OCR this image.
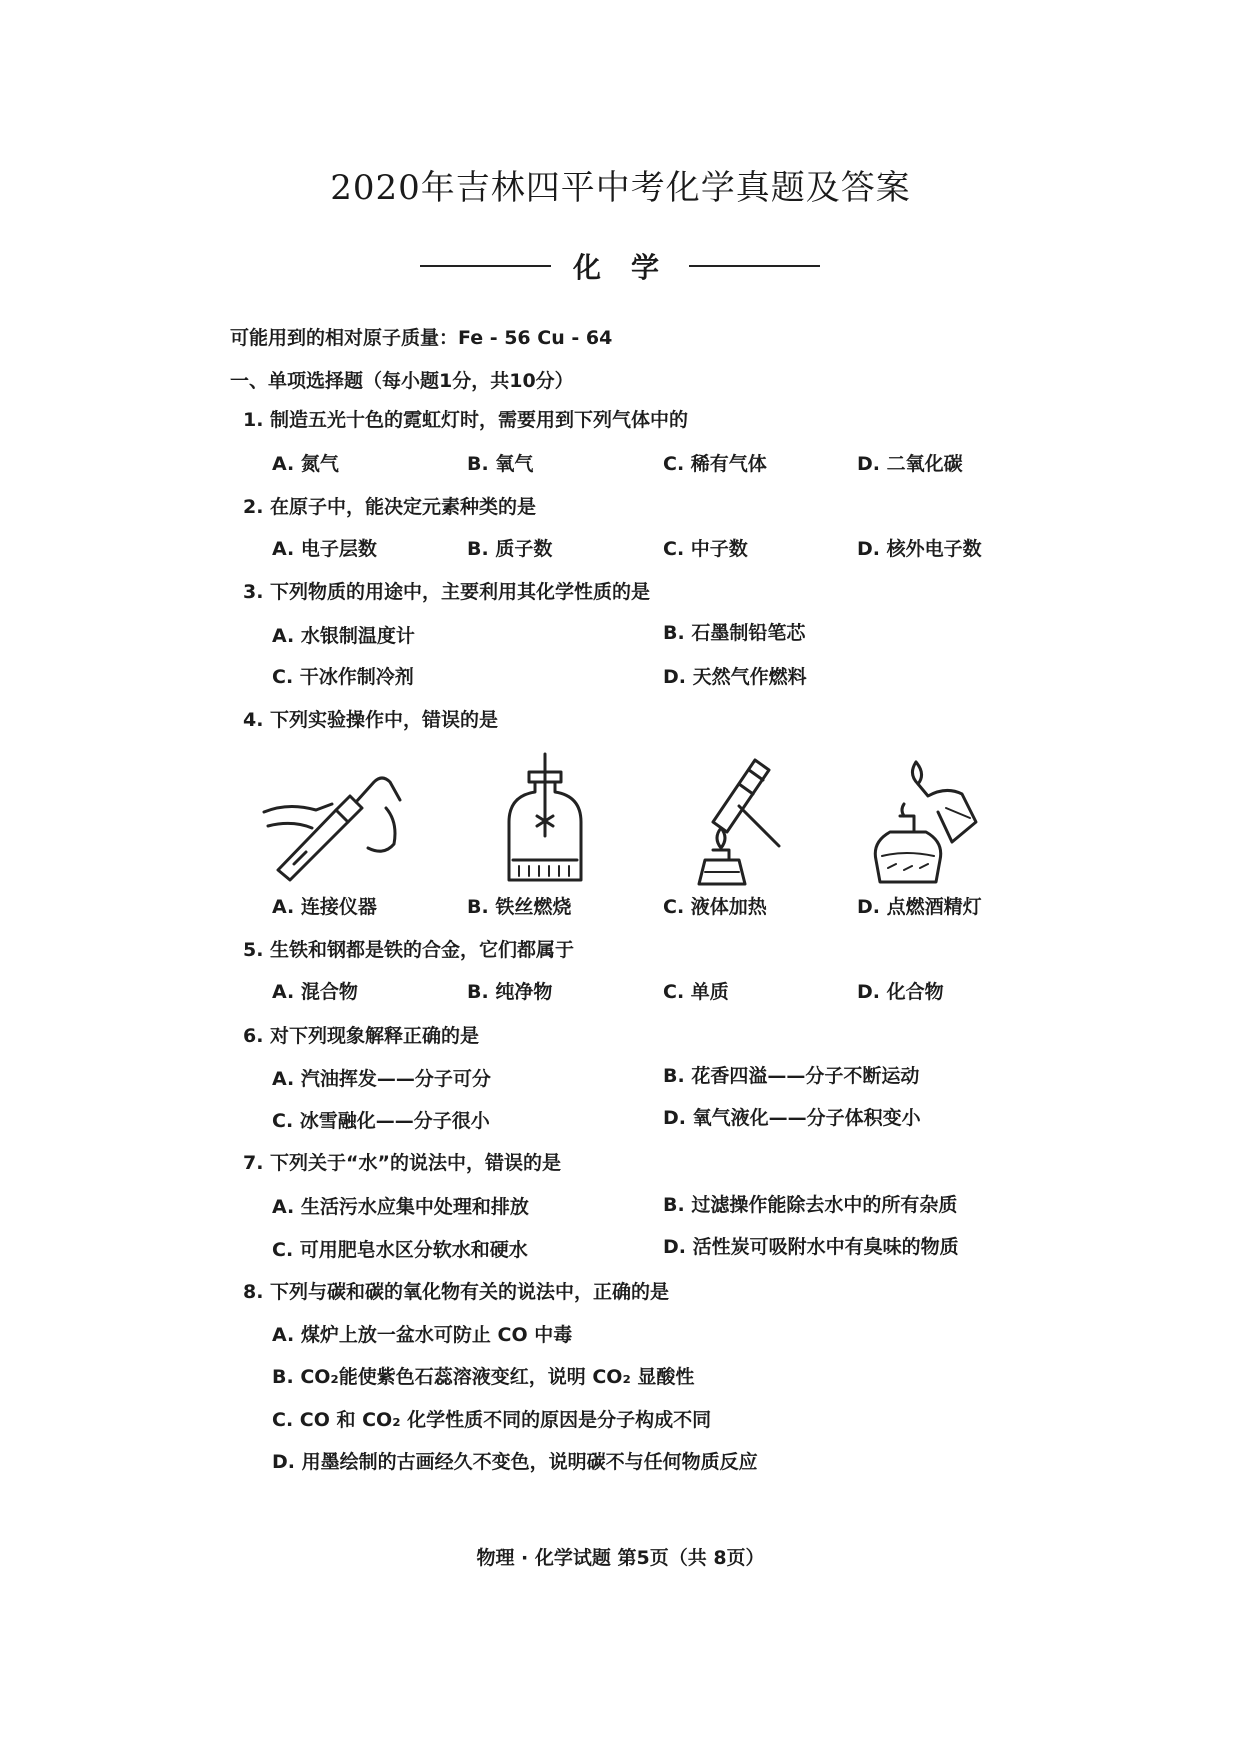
2020年吉林四平中考化学真题及答案
化学
可能用到的相对原子质量：Fe - 56 Cu - 64
一、单项选择题（每小题1分，共10分）
1. 制造五光十色的霓虹灯时，需要用到下列气体中的
A. 氮气	B. 氧气	C. 稀有气体	D. 二氧化碳
2. 在原子中，能决定元素种类的是
A. 电子层数	B. 质子数	C. 中子数	D. 核外电子数
3. 下列物质的用途中，主要利用其化学性质的是
A. 水银制温度计	B. 石墨制铅笔芯
C. 干冰作制冷剂	D. 天然气作燃料
4. 下列实验操作中，错误的是
A. 连接仪器	B. 铁丝燃烧	C. 液体加热	D. 点燃酒精灯
5. 生铁和钢都是铁的合金，它们都属于
A. 混合物	B. 纯净物	C. 单质	D. 化合物
6. 对下列现象解释正确的是
A. 汽油挥发——分子可分	B. 花香四溢——分子不断运动
C. 冰雪融化——分子很小	D. 氧气液化——分子体积变小
7. 下列关于“水”的说法中，错误的是
A. 生活污水应集中处理和排放	B. 过滤操作能除去水中的所有杂质
C. 可用肥皂水区分软水和硬水	D. 活性炭可吸附水中有臭味的物质
8. 下列与碳和碳的氧化物有关的说法中，正确的是
A. 煤炉上放一盆水可防止 CO 中毒
B. CO₂能使紫色石蕊溶液变红，说明 CO₂ 显酸性
C. CO 和 CO₂ 化学性质不同的原因是分子构成不同
D. 用墨绘制的古画经久不变色，说明碳不与任何物质反应
物理 · 化学试题 第5页（共 8页）
